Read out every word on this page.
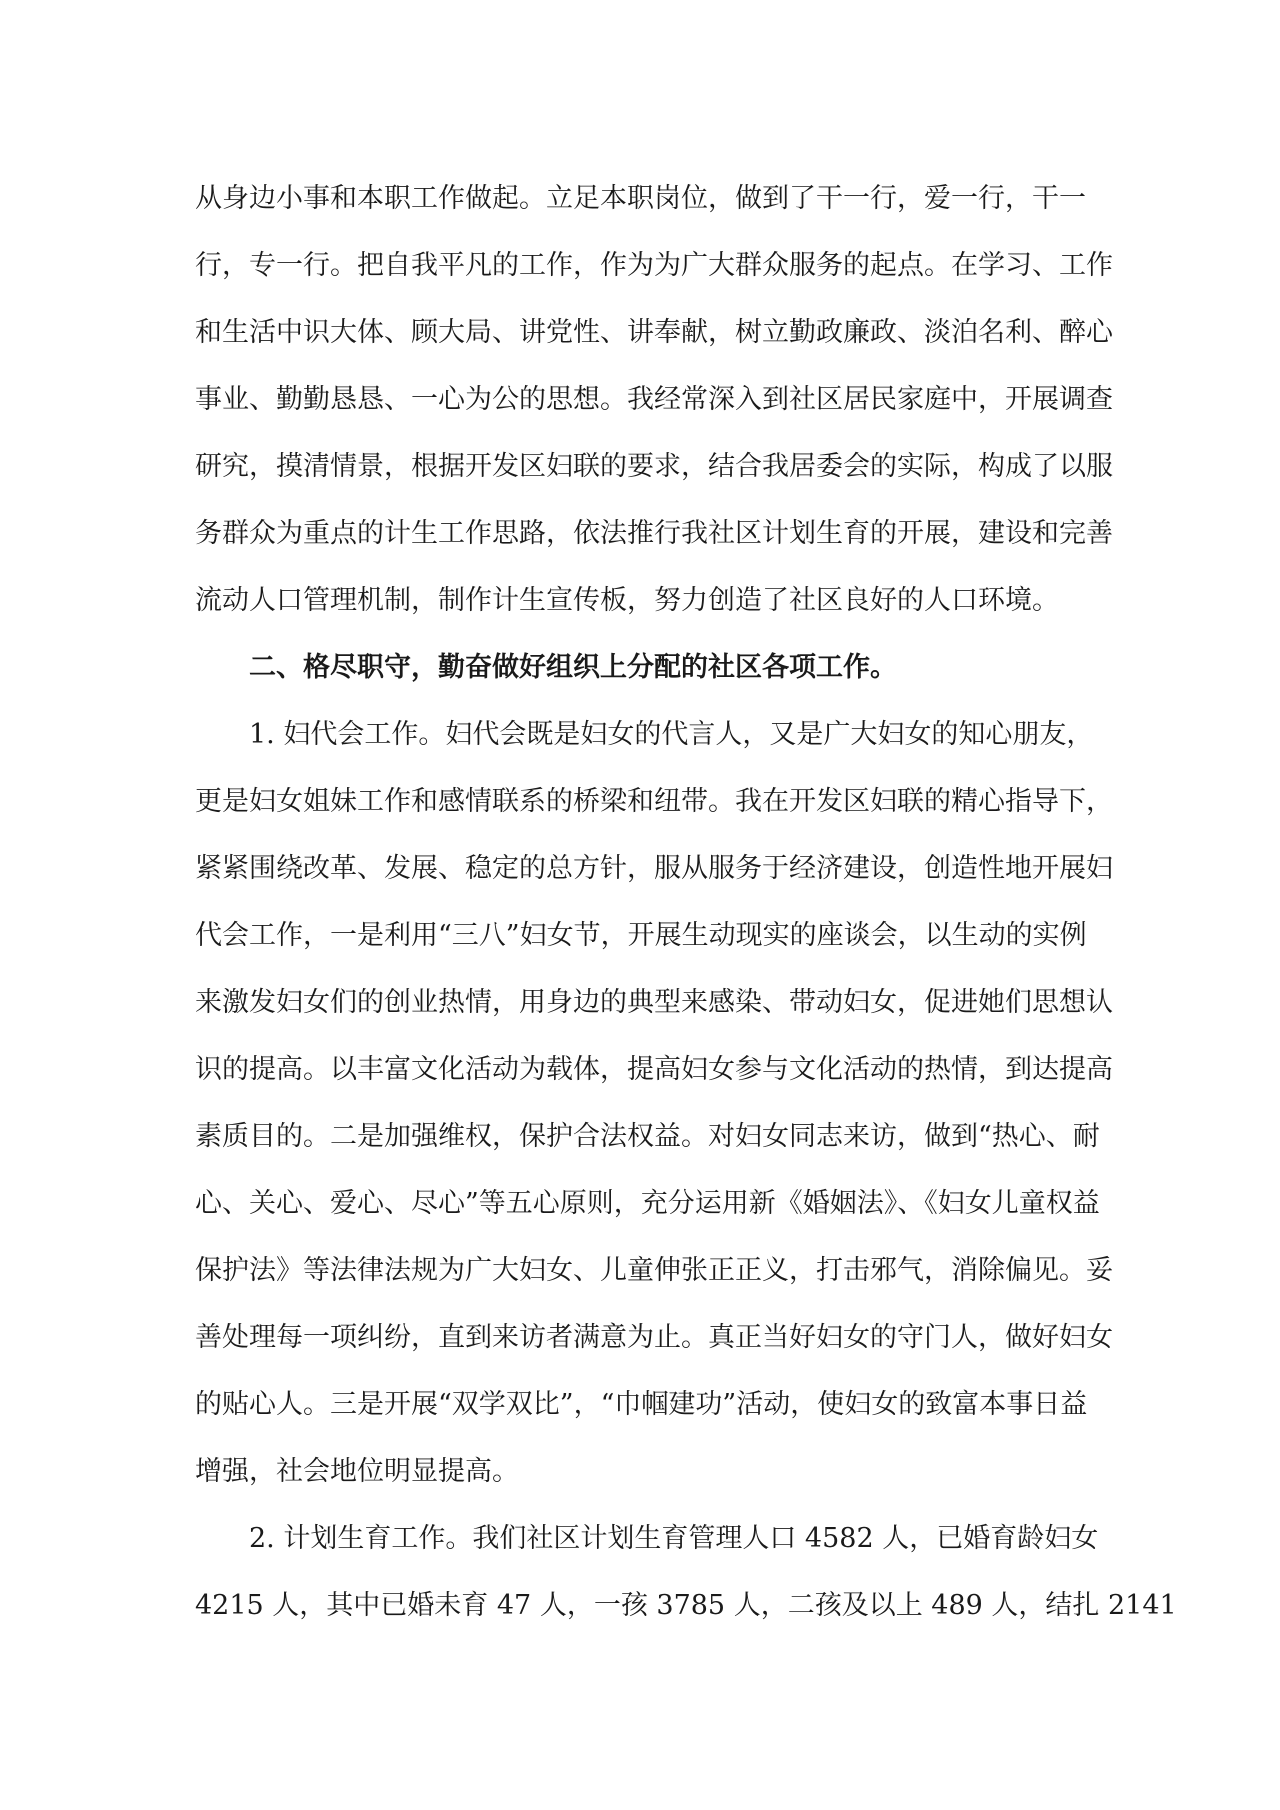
从身边小事和本职工作做起。立足本职岗位，做到了干一行，爱一行，干一
行，专一行。把自我平凡的工作，作为为广大群众服务的起点。在学习、工作
和生活中识大体、顾大局、讲党性、讲奉献，树立勤政廉政、淡泊名利、醉心
事业、勤勤恳恳、一心为公的思想。我经常深入到社区居民家庭中，开展调查
研究，摸清情景，根据开发区妇联的要求，结合我居委会的实际，构成了以服
务群众为重点的计生工作思路，依法推行我社区计划生育的开展，建设和完善
流动人口管理机制，制作计生宣传板，努力创造了社区良好的人口环境。
二、格尽职守，勤奋做好组织上分配的社区各项工作。
1. 妇代会工作。妇代会既是妇女的代言人，又是广大妇女的知心朋友，
更是妇女姐妹工作和感情联系的桥梁和纽带。我在开发区妇联的精心指导下，
紧紧围绕改革、发展、稳定的总方针，服从服务于经济建设，创造性地开展妇
代会工作，一是利用“三八”妇女节，开展生动现实的座谈会，以生动的实例
来激发妇女们的创业热情，用身边的典型来感染、带动妇女，促进她们思想认
识的提高。以丰富文化活动为载体，提高妇女参与文化活动的热情，到达提高
素质目的。二是加强维权，保护合法权益。对妇女同志来访，做到“热心、耐
心、关心、爱心、尽心”等五心原则，充分运用新《婚姻法》、《妇女儿童权益
保护法》等法律法规为广大妇女、儿童伸张正正义，打击邪气，消除偏见。妥
善处理每一项纠纷，直到来访者满意为止。真正当好妇女的守门人，做好妇女
的贴心人。三是开展“双学双比”，“巾帼建功”活动，使妇女的致富本事日益
增强，社会地位明显提高。
2. 计划生育工作。我们社区计划生育管理人口 4582 人，已婚育龄妇女
4215 人，其中已婚未育 47 人，一孩 3785 人，二孩及以上 489 人，结扎 2141
